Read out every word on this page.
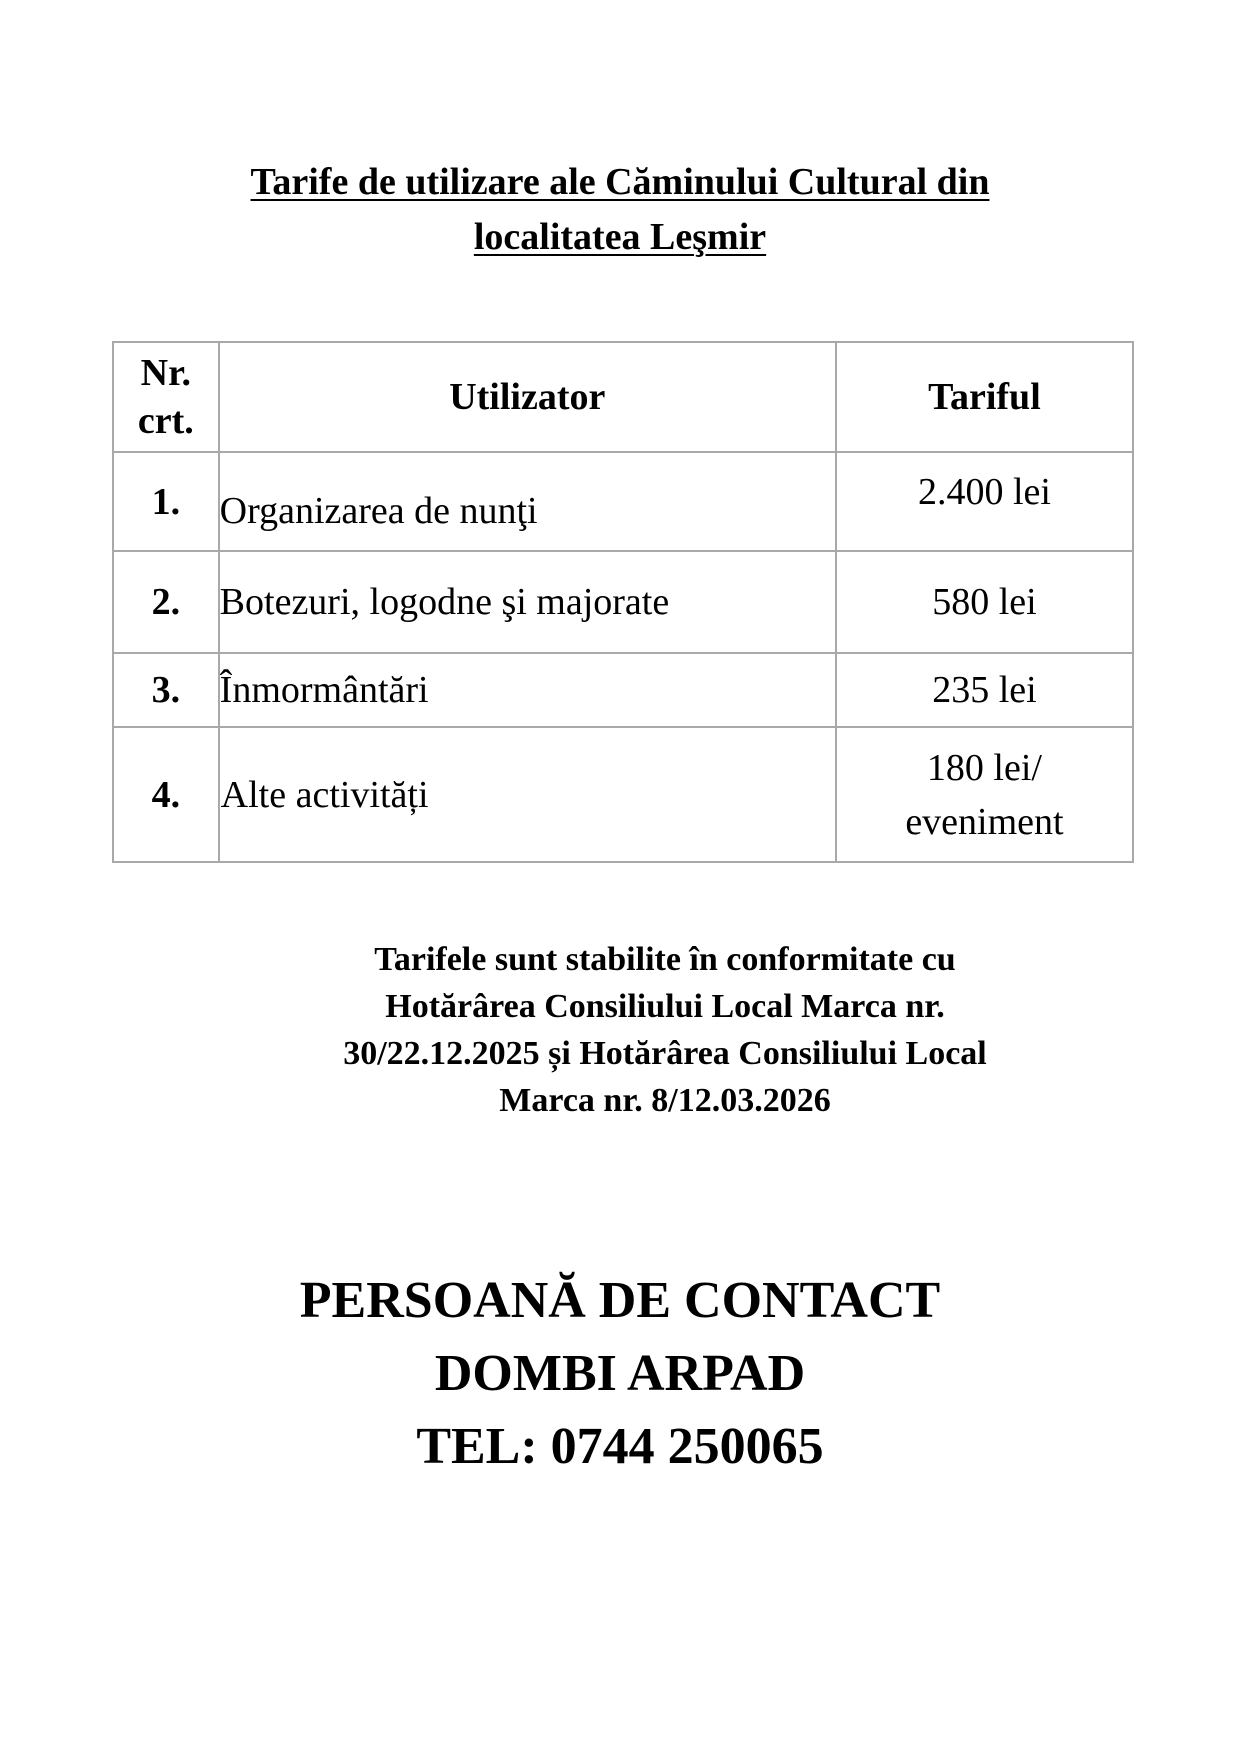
Tarife de utilizare ale Căminului Cultural din
localitatea Leşmir
Nr.
crt.	Utilizator	Tariful
1.	Organizarea de nunţi	2.400 lei
2.	Botezuri, logodne şi majorate	580 lei
3.	Înmormântări	235 lei
4.	Alte activități	180 lei/
eveniment
Tarifele sunt stabilite în conformitate cu
Hotărârea Consiliului Local Marca nr.
30/22.12.2025 și Hotărârea Consiliului Local
Marca nr. 8/12.03.2026
PERSOANĂ DE CONTACT
DOMBI ARPAD
TEL: 0744 250065
